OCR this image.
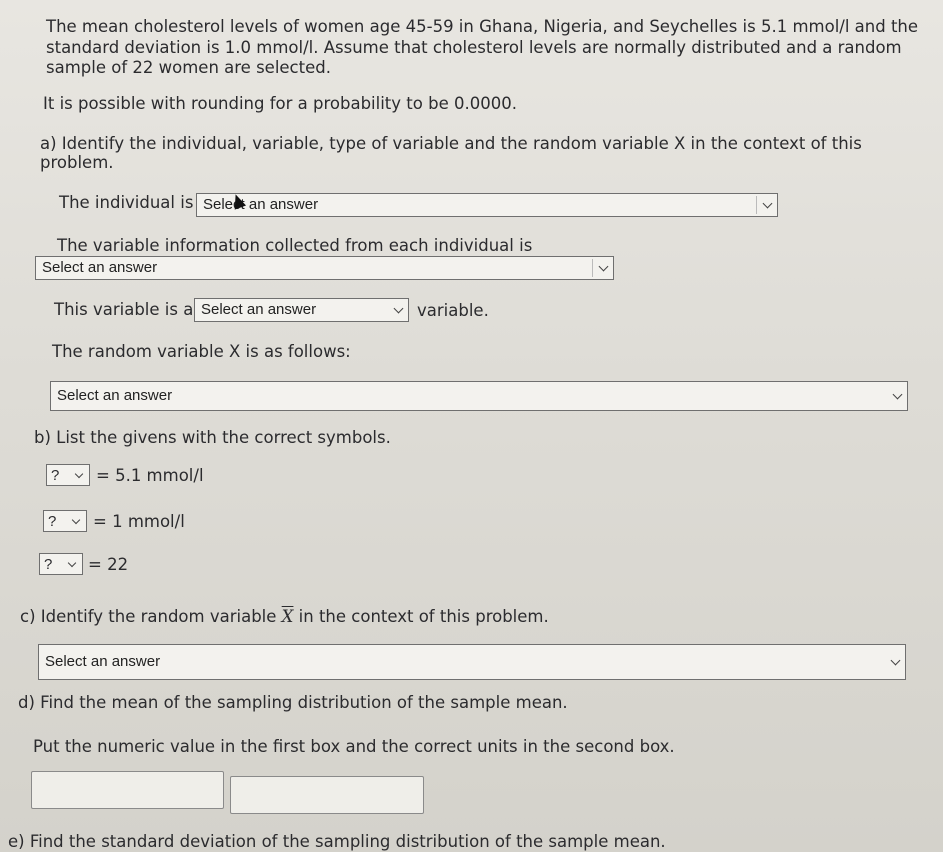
The mean cholesterol levels of women age 45-59 in Ghana, Nigeria, and Seychelles is 5.1 mmol/l and the
standard deviation is 1.0 mmol/l. Assume that cholesterol levels are normally distributed and a random
sample of 22 women are selected.
It is possible with rounding for a probability to be 0.0000.
a) Identify the individual, variable, type of variable and the random variable X in the context of this
problem.
The individual is Select an answer
The variable information collected from each individual is
Select an answer
This variable is a Select an answer	variable.
The random variable X is as follows:
Select an answer
b) List the givens with the correct symbols.
? = 5.1 mmol/l
? = 1 mmol/l
? = 22
c) Identify the random variable $\overline{X}$ in the context of this problem.
Select an answer
d) Find the mean of the sampling distribution of the sample mean.
Put the numeric value in the first box and the correct units in the second box.
e) Find the standard deviation of the sampling distribution of the sample mean.
